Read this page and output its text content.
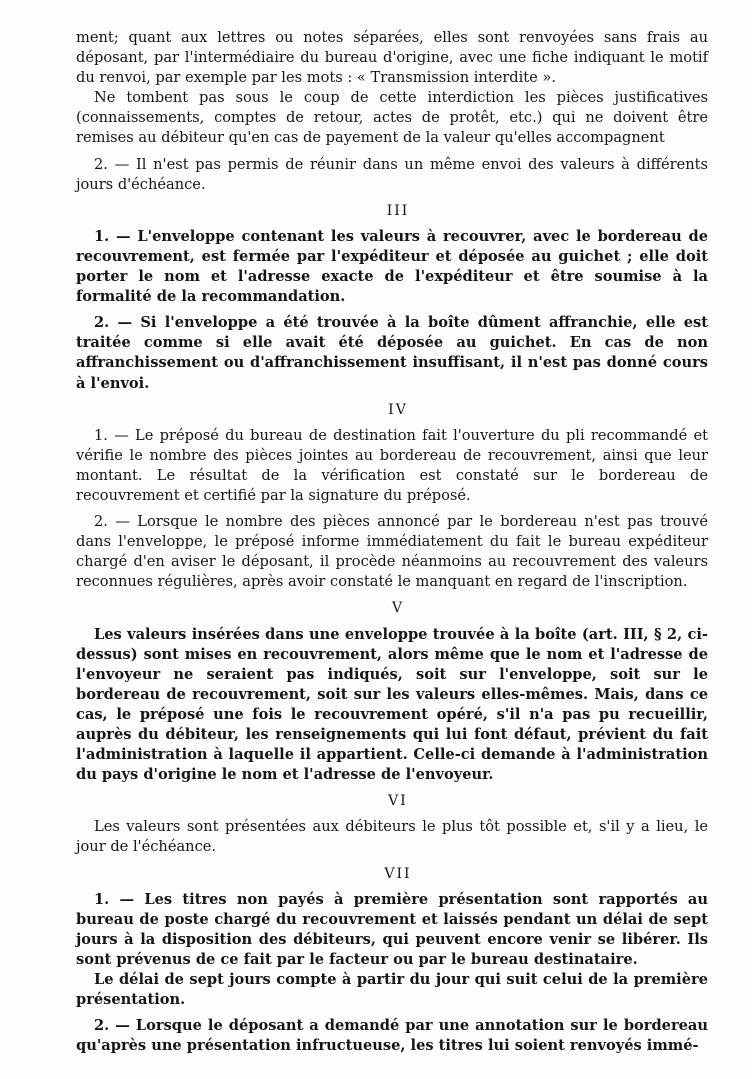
ment; quant aux lettres ou notes séparées, elles sont renvoyées sans frais au déposant, par l'intermédiaire du bureau d'origine, avec une fiche indiquant le motif du renvoi, par exemple par les mots : « Transmission interdite ».

Ne tombent pas sous le coup de cette interdiction les pièces justificatives (connaissements, comptes de retour, actes de protêt, etc.) qui ne doivent être remises au débiteur qu'en cas de payement de la valeur qu'elles accompagnent

2. — Il n'est pas permis de réunir dans un même envoi des valeurs à différents jours d'échéance.

III

1. — L'enveloppe contenant les valeurs à recouvrer, avec le bordereau de recouvrement, est fermée par l'expéditeur et déposée au guichet ; elle doit porter le nom et l'adresse exacte de l'expéditeur et être soumise à la formalité de la recommandation.

2. — Si l'enveloppe a été trouvée à la boîte dûment affranchie, elle est traitée comme si elle avait été déposée au guichet. En cas de non affranchissement ou d'affranchissement insuffisant, il n'est pas donné cours à l'envoi.

IV

1. — Le préposé du bureau de destination fait l'ouverture du pli recommandé et vérifie le nombre des pièces jointes au bordereau de recouvrement, ainsi que leur montant. Le résultat de la vérification est constaté sur le bordereau de recouvrement et certifié par la signature du préposé.

2. — Lorsque le nombre des pièces annoncé par le bordereau n'est pas trouvé dans l'enveloppe, le préposé informe immédiatement du fait le bureau expéditeur chargé d'en aviser le déposant, il procède néanmoins au recouvrement des valeurs reconnues régulières, après avoir constaté le manquant en regard de l'inscription.

V

Les valeurs insérées dans une enveloppe trouvée à la boîte (art. III, § 2, ci-dessus) sont mises en recouvrement, alors même que le nom et l'adresse de l'envoyeur ne seraient pas indiqués, soit sur l'enveloppe, soit sur le bordereau de recouvrement, soit sur les valeurs elles-mêmes. Mais, dans ce cas, le préposé une fois le recouvrement opéré, s'il n'a pas pu recueillir, auprès du débiteur, les renseignements qui lui font défaut, prévient du fait l'administration à laquelle il appartient. Celle-ci demande à l'administration du pays d'origine le nom et l'adresse de l'envoyeur.

VI

Les valeurs sont présentées aux débiteurs le plus tôt possible et, s'il y a lieu, le jour de l'échéance.

VII

1. — Les titres non payés à première présentation sont rapportés au bureau de poste chargé du recouvrement et laissés pendant un délai de sept jours à la disposition des débiteurs, qui peuvent encore venir se libérer. Ils sont prévenus de ce fait par le facteur ou par le bureau destinataire.

Le délai de sept jours compte à partir du jour qui suit celui de la première présentation.

2. — Lorsque le déposant a demandé par une annotation sur le bordereau qu'après une présentation infructueuse, les titres lui soient renvoyés immé-
